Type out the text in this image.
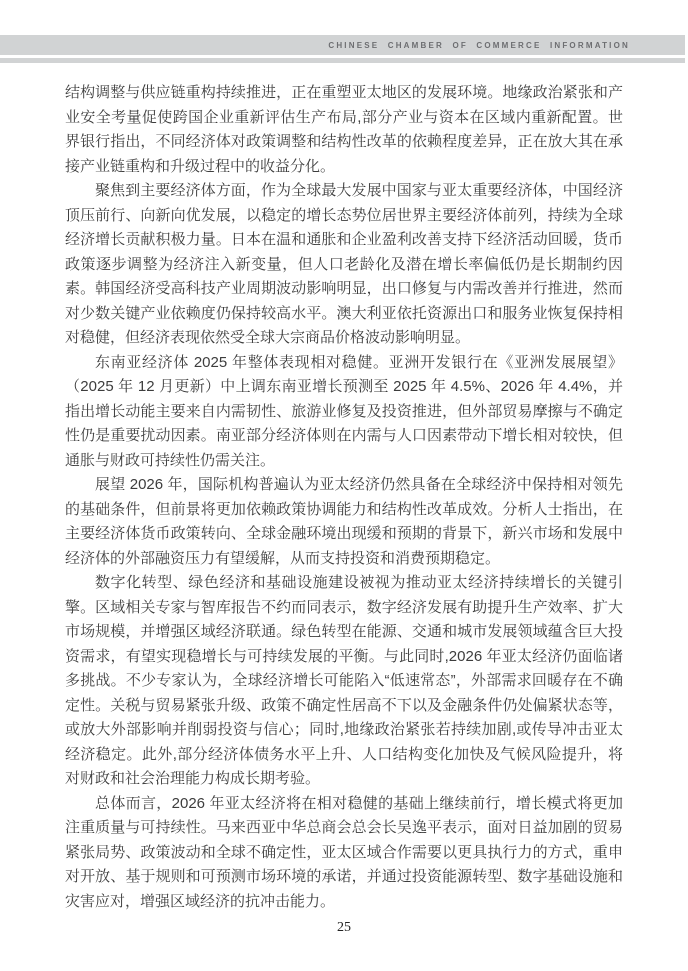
CHINESE CHAMBER OF COMMERCE INFORMATION

结构调整与供应链重构持续推进，正在重塑亚太地区的发展环境。地缘政治紧张和产业安全考量促使跨国企业重新评估生产布局,部分产业与资本在区域内重新配置。世界银行指出，不同经济体对政策调整和结构性改革的依赖程度差异，正在放大其在承接产业链重构和升级过程中的收益分化。

聚焦到主要经济体方面，作为全球最大发展中国家与亚太重要经济体，中国经济顶压前行、向新向优发展，以稳定的增长态势位居世界主要经济体前列，持续为全球经济增长贡献积极力量。日本在温和通胀和企业盈利改善支持下经济活动回暖，货币政策逐步调整为经济注入新变量，但人口老龄化及潜在增长率偏低仍是长期制约因素。韩国经济受高科技产业周期波动影响明显，出口修复与内需改善并行推进，然而对少数关键产业依赖度仍保持较高水平。澳大利亚依托资源出口和服务业恢复保持相对稳健，但经济表现依然受全球大宗商品价格波动影响明显。

东南亚经济体 2025 年整体表现相对稳健。亚洲开发银行在《亚洲发展展望》（2025 年 12 月更新）中上调东南亚增长预测至 2025 年 4.5%、2026 年 4.4%，并指出增长动能主要来自内需韧性、旅游业修复及投资推进，但外部贸易摩擦与不确定性仍是重要扰动因素。南亚部分经济体则在内需与人口因素带动下增长相对较快，但通胀与财政可持续性仍需关注。

展望 2026 年，国际机构普遍认为亚太经济仍然具备在全球经济中保持相对领先的基础条件，但前景将更加依赖政策协调能力和结构性改革成效。分析人士指出，在主要经济体货币政策转向、全球金融环境出现缓和预期的背景下，新兴市场和发展中经济体的外部融资压力有望缓解，从而支持投资和消费预期稳定。

数字化转型、绿色经济和基础设施建设被视为推动亚太经济持续增长的关键引擎。区域相关专家与智库报告不约而同表示，数字经济发展有助提升生产效率、扩大市场规模，并增强区域经济联通。绿色转型在能源、交通和城市发展领域蕴含巨大投资需求，有望实现稳增长与可持续发展的平衡。与此同时,2026 年亚太经济仍面临诸多挑战。不少专家认为，全球经济增长可能陷入“低速常态”，外部需求回暖存在不确定性。关税与贸易紧张升级、政策不确定性居高不下以及金融条件仍处偏紧状态等，或放大外部影响并削弱投资与信心；同时,地缘政治紧张若持续加剧,或传导冲击亚太经济稳定。此外,部分经济体债务水平上升、人口结构变化加快及气候风险提升，将对财政和社会治理能力构成长期考验。

总体而言，2026 年亚太经济将在相对稳健的基础上继续前行，增长模式将更加注重质量与可持续性。马来西亚中华总商会总会长吴逸平表示，面对日益加剧的贸易紧张局势、政策波动和全球不确定性，亚太区域合作需要以更具执行力的方式，重申对开放、基于规则和可预测市场环境的承诺，并通过投资能源转型、数字基础设施和灾害应对，增强区域经济的抗冲击能力。

25
